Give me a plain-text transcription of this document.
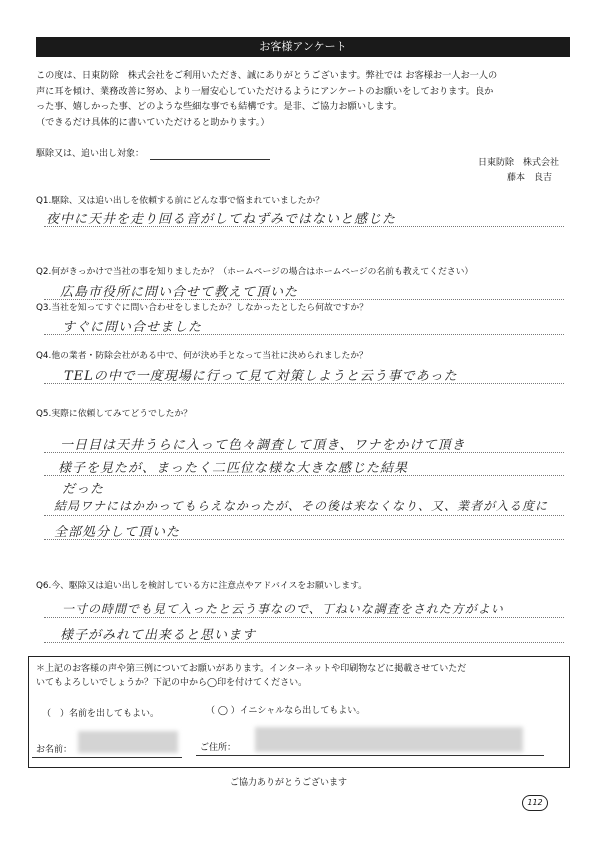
お客様アンケート
この度は、日東防除　株式会社をご利用いただき、誠にありがとうございます。弊社では お客様お一人お一人の
声に耳を傾け、業務改善に努め、より一層安心していただけるようにアンケートのお願いをしております。良か
った事、嬉しかった事、どのような些細な事でも結構です。是非、ご協力お願いします。
（できるだけ具体的に書いていただけると助かります。）
駆除又は、追い出し対象：
日東防除　株式会社
藤本　良吉
Q1.駆除、又は追い出しを依頼する前にどんな事で悩まれていましたか？
夜中に天井を走り回る音がしてねずみではないと感じた
Q2.何がきっかけで当社の事を知りましたか？（ホームページの場合はホームページの名前も教えてください）
広島市役所に問い合せて教えて頂いた
Q3.当社を知ってすぐに問い合わせをしましたか？しなかったとしたら何故ですか？
すぐに問い合せました
Q4.他の業者・防除会社がある中で、何が決め手となって当社に決められましたか？
TELの中で一度現場に行って見て対策しようと云う事であった
Q5.実際に依頼してみてどうでしたか？
一日目は天井うらに入って色々調査して頂き、ワナをかけて頂き
様子を見たが、まったく二匹位な様な大きな感じた結果
だった
結局ワナにはかかってもらえなかったが、その後は来なくなり、又、業者が入る度に
全部処分して頂いた
Q6.今、駆除又は追い出しを検討している方に注意点やアドバイスをお願いします。
一寸の時間でも見て入ったと云う事なので、丁ねいな調査をされた方がよい
様子がみれて出来ると思います
＊上記のお客様の声や第三例についてお願いがあります。インターネットや印刷物などに掲載させていただ
いてもよろしいでしょうか？下記の中から◯印を付けてください。
（　）名前を出してもよい。	（ ◯ ）イニシャルなら出してもよい。
お名前：	ご住所：
ご協力ありがとうございます
112
